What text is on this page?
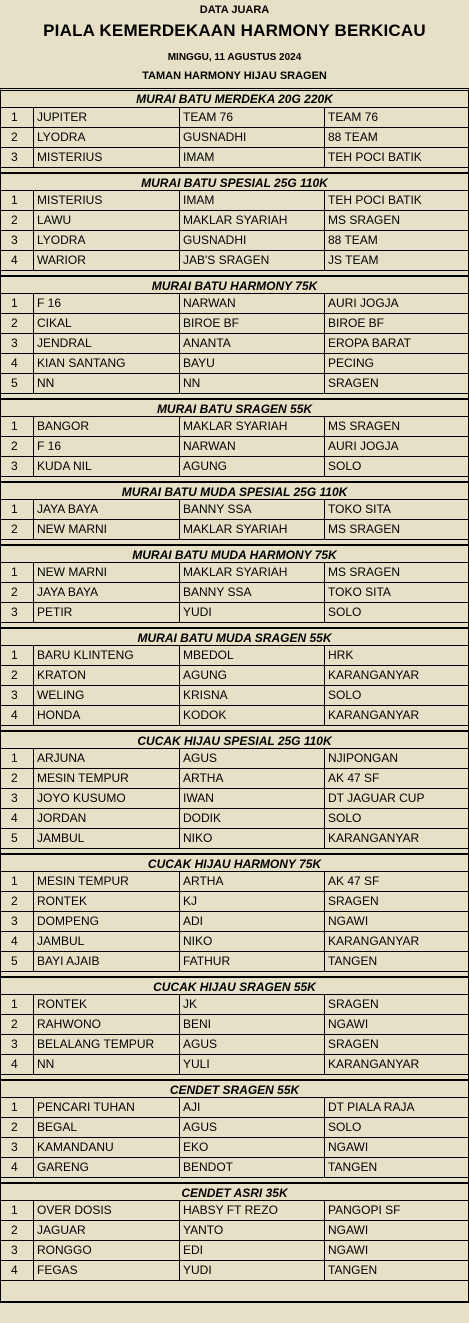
DATA JUARA
PIALA KEMERDEKAAN HARMONY BERKICAU
MINGGU, 11 AGUSTUS 2024
TAMAN HARMONY HIJAU SRAGEN
MURAI BATU MERDEKA 20G 220K
1	JUPITER	TEAM 76	TEAM 76
2	LYODRA	GUSNADHI	88 TEAM
3	MISTERIUS	IMAM	TEH POCI BATIK
MURAI BATU SPESIAL 25G 110K
1	MISTERIUS	IMAM	TEH POCI BATIK
2	LAWU	MAKLAR SYARIAH	MS SRAGEN
3	LYODRA	GUSNADHI	88 TEAM
4	WARIOR	JAB'S SRAGEN	JS TEAM
MURAI BATU HARMONY 75K
1	F 16	NARWAN	AURI JOGJA
2	CIKAL	BIROE BF	BIROE BF
3	JENDRAL	ANANTA	EROPA BARAT
4	KIAN SANTANG	BAYU	PECING
5	NN	NN	SRAGEN
MURAI BATU SRAGEN 55K
1	BANGOR	MAKLAR SYARIAH	MS SRAGEN
2	F 16	NARWAN	AURI JOGJA
3	KUDA NIL	AGUNG	SOLO
MURAI BATU MUDA SPESIAL 25G 110K
1	JAYA BAYA	BANNY SSA	TOKO SITA
2	NEW MARNI	MAKLAR SYARIAH	MS SRAGEN
MURAI BATU MUDA HARMONY 75K
1	NEW MARNI	MAKLAR SYARIAH	MS SRAGEN
2	JAYA BAYA	BANNY SSA	TOKO SITA
3	PETIR	YUDI	SOLO
MURAI BATU MUDA SRAGEN 55K
1	BARU KLINTENG	MBEDOL	HRK
2	KRATON	AGUNG	KARANGANYAR
3	WELING	KRISNA	SOLO
4	HONDA	KODOK	KARANGANYAR
CUCAK HIJAU SPESIAL 25G 110K
1	ARJUNA	AGUS	NJIPONGAN
2	MESIN TEMPUR	ARTHA	AK 47 SF
3	JOYO KUSUMO	IWAN	DT JAGUAR CUP
4	JORDAN	DODIK	SOLO
5	JAMBUL	NIKO	KARANGANYAR
CUCAK HIJAU HARMONY 75K
1	MESIN TEMPUR	ARTHA	AK 47 SF
2	RONTEK	KJ	SRAGEN
3	DOMPENG	ADI	NGAWI
4	JAMBUL	NIKO	KARANGANYAR
5	BAYI AJAIB	FATHUR	TANGEN
CUCAK HIJAU SRAGEN 55K
1	RONTEK	JK	SRAGEN
2	RAHWONO	BENI	NGAWI
3	BELALANG TEMPUR	AGUS	SRAGEN
4	NN	YULI	KARANGANYAR
CENDET SRAGEN 55K
1	PENCARI TUHAN	AJI	DT PIALA RAJA
2	BEGAL	AGUS	SOLO
3	KAMANDANU	EKO	NGAWI
4	GARENG	BENDOT	TANGEN
CENDET ASRI 35K
1	OVER DOSIS	HABSY FT REZO	PANGOPI SF
2	JAGUAR	YANTO	NGAWI
3	RONGGO	EDI	NGAWI
4	FEGAS	YUDI	TANGEN
